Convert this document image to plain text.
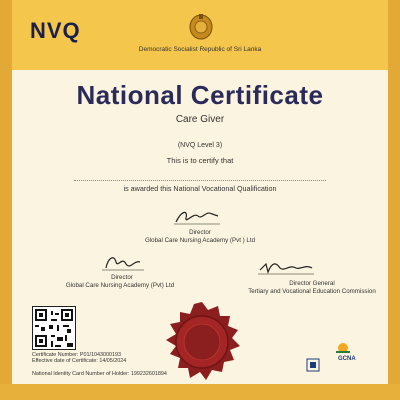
NVQ
Democratic Socialist Republic of Sri Lanka
National Certificate
Care Giver
(NVQ Level 3)
This is to certify that
is awarded this National Vocational Qualification
Director
Global Care Nursing Academy (Pvt ) Ltd
Director
Global Care Nursing Academy (Pvt) Ltd	Director General
Tertiary and Vocational Education Commission
Certificate Number: P01/1043000193
Effective date of Certificate: 14/05/2024
National Identity Card Number of Holder: 199232601894
GCNA
